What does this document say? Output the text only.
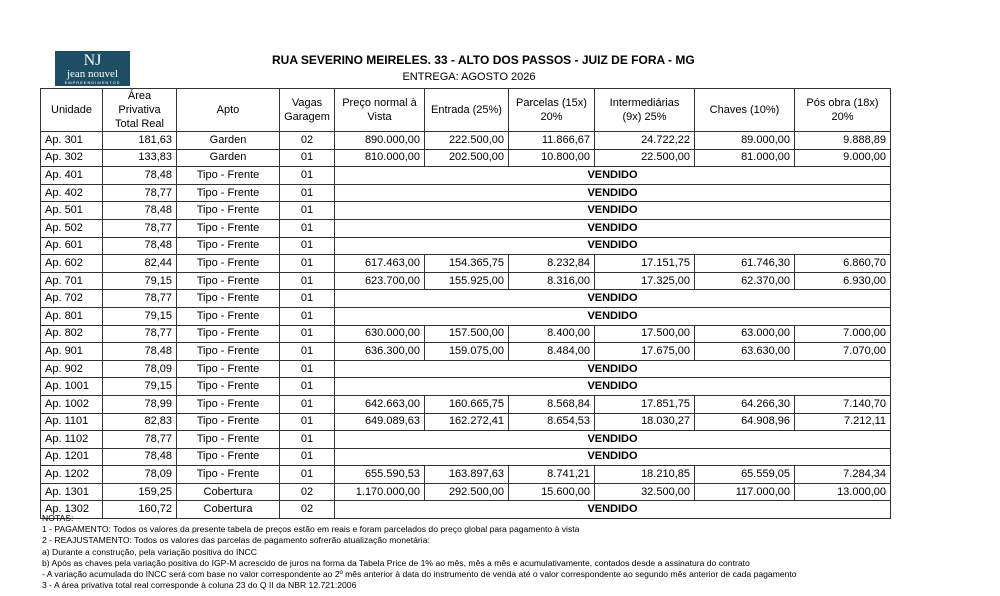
NJ
jean nouvel
EMPREENDIMENTOS
RUA SEVERINO MEIRELES. 33 - ALTO DOS PASSOS - JUIZ DE FORA - MG
ENTREGA: AGOSTO 2026
Unidade	Área Privativa Total Real	Apto	Vagas Garagem	Preço normal à Vista	Entrada (25%)	Parcelas (15x) 20%	Intermediárias (9x) 25%	Chaves (10%)	Pós obra (18x) 20%
Ap. 301	181,63	Garden	02	890.000,00	222.500,00	11.866,67	24.722,22	89.000,00	9.888,89
Ap. 302	133,83	Garden	01	810.000,00	202.500,00	10.800,00	22.500,00	81.000,00	9.000,00
Ap. 401	78,48	Tipo - Frente	01	VENDIDO					
Ap. 402	78,77	Tipo - Frente	01	VENDIDO					
Ap. 501	78,48	Tipo - Frente	01	VENDIDO					
Ap. 502	78,77	Tipo - Frente	01	VENDIDO					
Ap. 601	78,48	Tipo - Frente	01	VENDIDO					
Ap. 602	82,44	Tipo - Frente	01	617.463,00	154.365,75	8.232,84	17.151,75	61.746,30	6.860,70
Ap. 701	79,15	Tipo - Frente	01	623.700,00	155.925,00	8.316,00	17.325,00	62.370,00	6.930,00
Ap. 702	78,77	Tipo - Frente	01	VENDIDO					
Ap. 801	79,15	Tipo - Frente	01	VENDIDO					
Ap. 802	78,77	Tipo - Frente	01	630.000,00	157.500,00	8.400,00	17.500,00	63.000,00	7.000,00
Ap. 901	78,48	Tipo - Frente	01	636.300,00	159.075,00	8.484,00	17.675,00	63.630,00	7.070,00
Ap. 902	78,09	Tipo - Frente	01	VENDIDO					
Ap. 1001	79,15	Tipo - Frente	01	VENDIDO					
Ap. 1002	78,99	Tipo - Frente	01	642.663,00	160.665,75	8.568,84	17.851,75	64.266,30	7.140,70
Ap. 1101	82,83	Tipo - Frente	01	649.089,63	162.272,41	8.654,53	18.030,27	64.908,96	7.212,11
Ap. 1102	78,77	Tipo - Frente	01	VENDIDO					
Ap. 1201	78,48	Tipo - Frente	01	VENDIDO					
Ap. 1202	78,09	Tipo - Frente	01	655.590,53	163.897,63	8.741,21	18.210,85	65.559,05	7.284,34
Ap. 1301	159,25	Cobertura	02	1.170.000,00	292.500,00	15.600,00	32.500,00	117.000,00	13.000,00
Ap. 1302	160,72	Cobertura	02	VENDIDO					
NOTAS:
1 - PAGAMENTO: Todos os valores da presente tabela de preços estão em reais e foram parcelados do preço global para pagamento à vista
2 - REAJUSTAMENTO: Todos os valores das parcelas de pagamento sofrerão atualização monetária:
a) Durante a construção, pela variação positiva do INCC
b) Após as chaves pela variação positiva do IGP-M acrescido de juros na forma da Tabela Price de 1% ao mês, mês a mês e acumulativamente, contados desde a assinatura do contrato
- A variação acumulada do INCC será com base no valor correspondente ao 2º mês anterior à data do instrumento de venda até o valor correspondente ao segundo mês anterior de cada pagamento
3 - A área privativa total real corresponde à coluna 23 do Q II da NBR 12.721:2006
